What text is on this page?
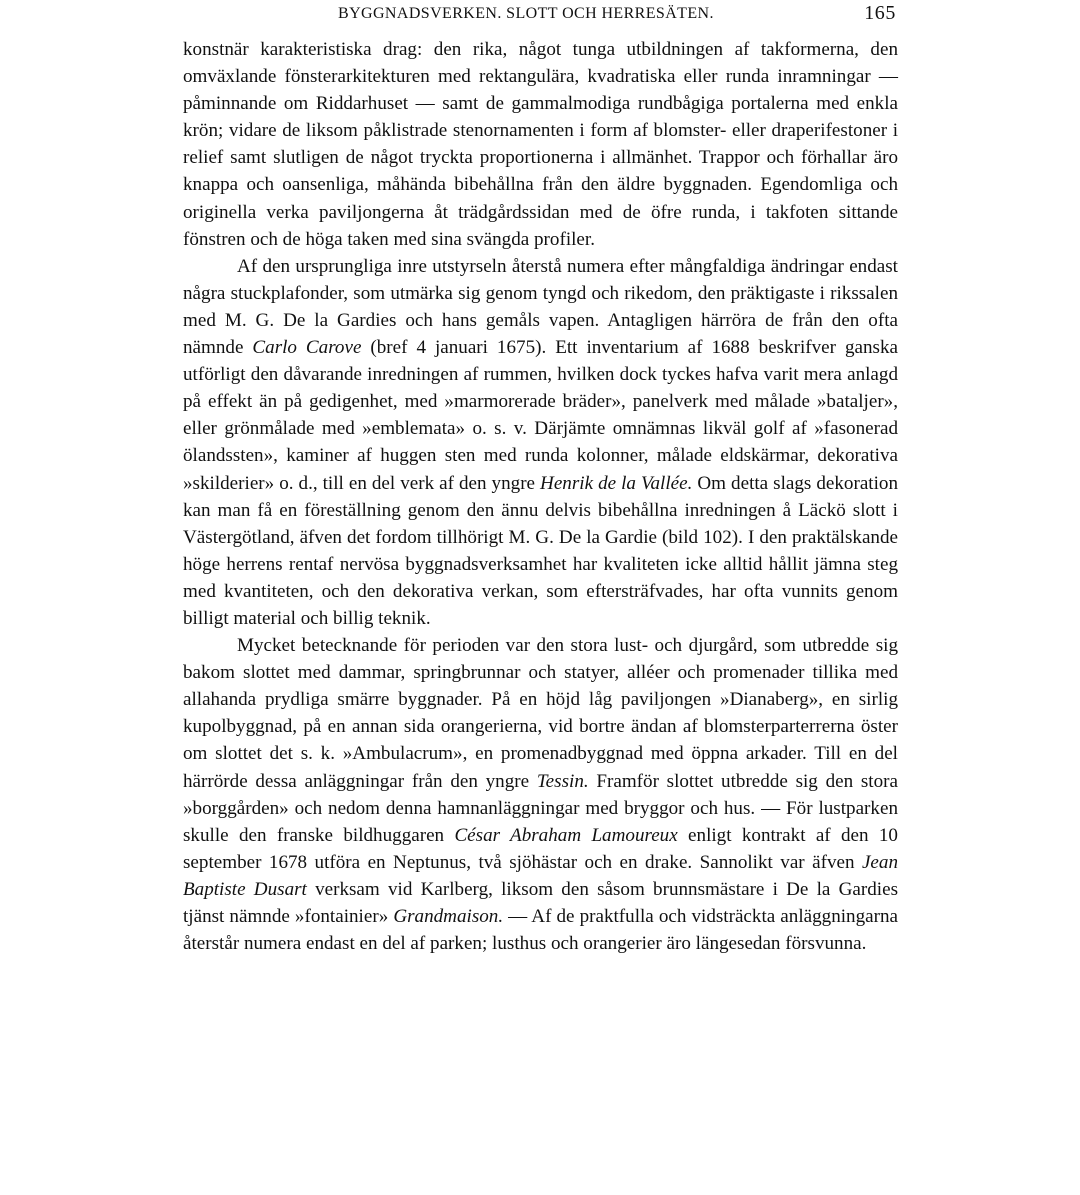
BYGGNADSVERKEN. SLOTT OCH HERRESÄTEN.	165

konstnär karakteristiska drag: den rika, något tunga utbildningen af takformerna, den omväxlande fönsterarkitekturen med rektangulära, kvadratiska eller runda inramningar — påminnande om Riddarhuset — samt de gammalmodiga rundbågiga portalerna med enkla krön; vidare de liksom påklistrade stenornamenten i form af blomster- eller draperifestoner i relief samt slutligen de något tryckta proportionerna i allmänhet. Trappor och förhallar äro knappa och oansenliga, måhända bibehållna från den äldre byggnaden. Egendomliga och originella verka paviljongerna åt trädgårdssidan med de öfre runda, i takfoten sittande fönstren och de höga taken med sina svängda profiler.

Af den ursprungliga inre utstyrseln återstå numera efter mångfaldiga ändringar endast några stuckplafonder, som utmärka sig genom tyngd och rikedom, den präktigaste i rikssalen med M. G. De la Gardies och hans gemåls vapen. Antagligen härröra de från den ofta nämnde Carlo Carove (bref 4 januari 1675). Ett inventarium af 1688 beskrifver ganska utförligt den dåvarande inredningen af rummen, hvilken dock tyckes hafva varit mera anlagd på effekt än på gedigenhet, med »marmorerade bräder», panelverk med målade »bataljer», eller grönmålade med »emblemata» o. s. v. Därjämte omnämnas likväl golf af »fasonerad ölandssten», kaminer af huggen sten med runda kolonner, målade eldskärmar, dekorativa »skilderier» o. d., till en del verk af den yngre Henrik de la Vallée. Om detta slags dekoration kan man få en föreställning genom den ännu delvis bibehållna inredningen å Läckö slott i Västergötland, äfven det fordom tillhörigt M. G. De la Gardie (bild 102). I den praktälskande höge herrens rentaf nervösa byggnadsverksamhet har kvaliteten icke alltid hållit jämna steg med kvantiteten, och den dekorativa verkan, som eftersträfvades, har ofta vunnits genom billigt material och billig teknik.

Mycket betecknande för perioden var den stora lust- och djurgård, som utbredde sig bakom slottet med dammar, springbrunnar och statyer, alléer och promenader tillika med allahanda prydliga smärre byggnader. På en höjd låg paviljongen »Dianaberg», en sirlig kupolbyggnad, på en annan sida orangerierna, vid bortre ändan af blomsterparterrerna öster om slottet det s. k. »Ambulacrum», en promenadbyggnad med öppna arkader. Till en del härrörde dessa anläggningar från den yngre Tessin. Framför slottet utbredde sig den stora »borggården» och nedom denna hamnanläggningar med bryggor och hus. — För lustparken skulle den franske bildhuggaren César Abraham Lamoureux enligt kontrakt af den 10 september 1678 utföra en Neptunus, två sjöhästar och en drake. Sannolikt var äfven Jean Baptiste Dusart verksam vid Karlberg, liksom den såsom brunnsmästare i De la Gardies tjänst nämnde »fontainier» Grandmaison. — Af de praktfulla och vidsträckta anläggningarna återstår numera endast en del af parken; lusthus och orangerier äro längesedan försvunna.
